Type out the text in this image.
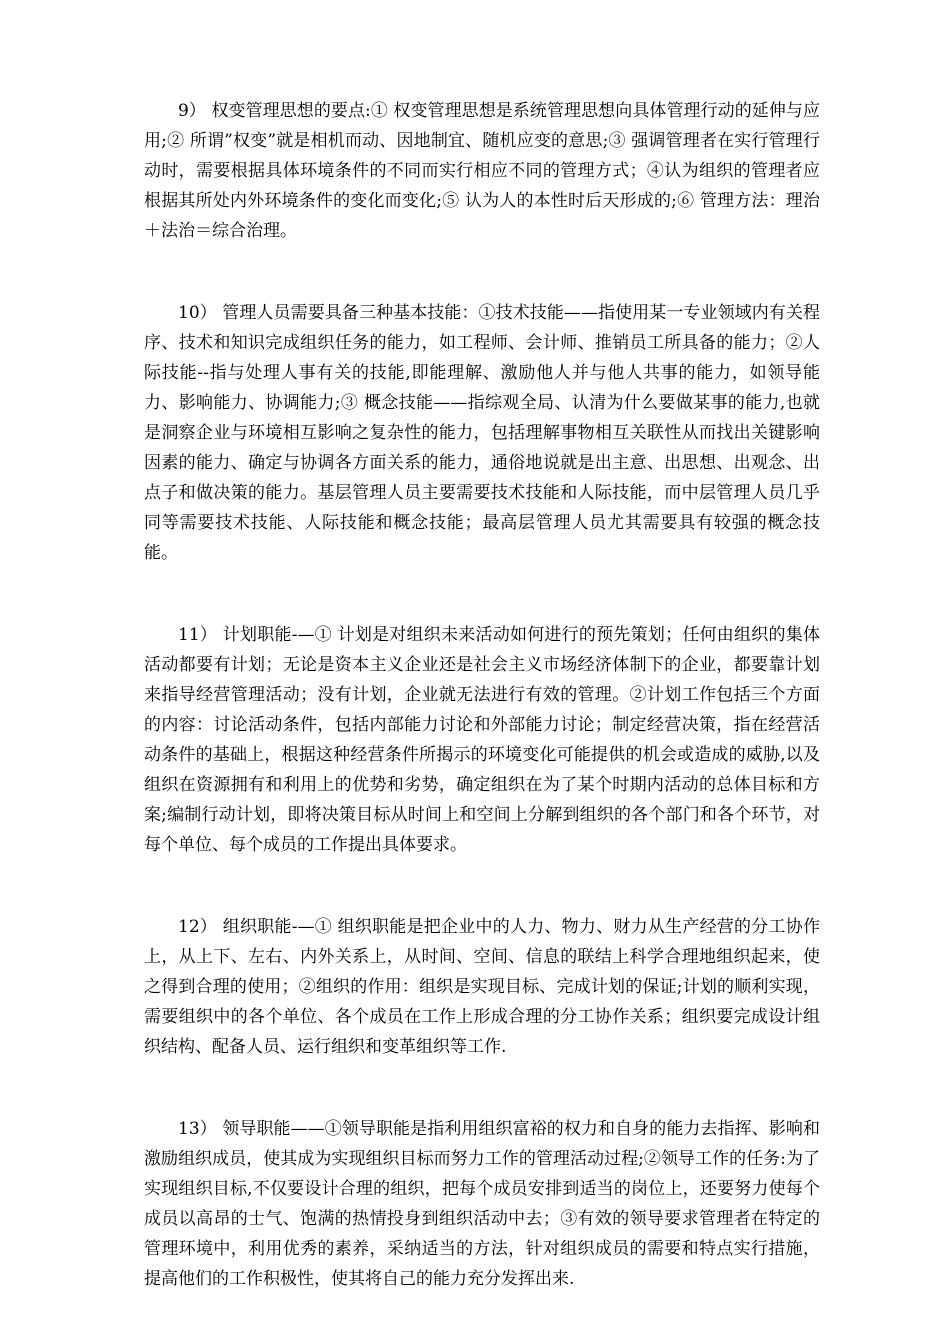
9） 权变管理思想的要点:① 权变管理思想是系统管理思想向具体管理行动的延伸与应用;② 所谓”权变”就是相机而动、因地制宜、随机应变的意思;③ 强调管理者在实行管理行动时，需要根据具体环境条件的不同而实行相应不同的管理方式；④认为组织的管理者应根据其所处内外环境条件的变化而变化;⑤ 认为人的本性时后天形成的;⑥ 管理方法：理治＋法治＝综合治理。

10） 管理人员需要具备三种基本技能：①技术技能——指使用某一专业领域内有关程序、技术和知识完成组织任务的能力，如工程师、会计师、推销员工所具备的能力；②人际技能--指与处理人事有关的技能,即能理解、激励他人并与他人共事的能力，如领导能力、影响能力、协调能力;③ 概念技能——指综观全局、认清为什么要做某事的能力,也就是洞察企业与环境相互影响之复杂性的能力，包括理解事物相互关联性从而找出关键影响因素的能力、确定与协调各方面关系的能力，通俗地说就是出主意、出思想、出观念、出点子和做决策的能力。基层管理人员主要需要技术技能和人际技能，而中层管理人员几乎同等需要技术技能、人际技能和概念技能；最高层管理人员尤其需要具有较强的概念技能。

11） 计划职能-—① 计划是对组织未来活动如何进行的预先策划；任何由组织的集体活动都要有计划；无论是资本主义企业还是社会主义市场经济体制下的企业，都要靠计划来指导经营管理活动；没有计划，企业就无法进行有效的管理。②计划工作包括三个方面的内容：讨论活动条件，包括内部能力讨论和外部能力讨论；制定经营决策，指在经营活动条件的基础上，根据这种经营条件所揭示的环境变化可能提供的机会或造成的威胁,以及组织在资源拥有和利用上的优势和劣势，确定组织在为了某个时期内活动的总体目标和方案;编制行动计划，即将决策目标从时间上和空间上分解到组织的各个部门和各个环节，对每个单位、每个成员的工作提出具体要求。

12） 组织职能-—① 组织职能是把企业中的人力、物力、财力从生产经营的分工协作上，从上下、左右、内外关系上，从时间、空间、信息的联结上科学合理地组织起来，使之得到合理的使用；②组织的作用：组织是实现目标、完成计划的保证;计划的顺利实现，需要组织中的各个单位、各个成员在工作上形成合理的分工协作关系；组织要完成设计组织结构、配备人员、运行组织和变革组织等工作.

13） 领导职能——①领导职能是指利用组织富裕的权力和自身的能力去指挥、影响和激励组织成员，使其成为实现组织目标而努力工作的管理活动过程;②领导工作的任务:为了实现组织目标,不仅要设计合理的组织，把每个成员安排到适当的岗位上，还要努力使每个成员以高昂的士气、饱满的热情投身到组织活动中去；③有效的领导要求管理者在特定的管理环境中，利用优秀的素养，采纳适当的方法，针对组织成员的需要和特点实行措施，提高他们的工作积极性，使其将自己的能力充分发挥出来.
